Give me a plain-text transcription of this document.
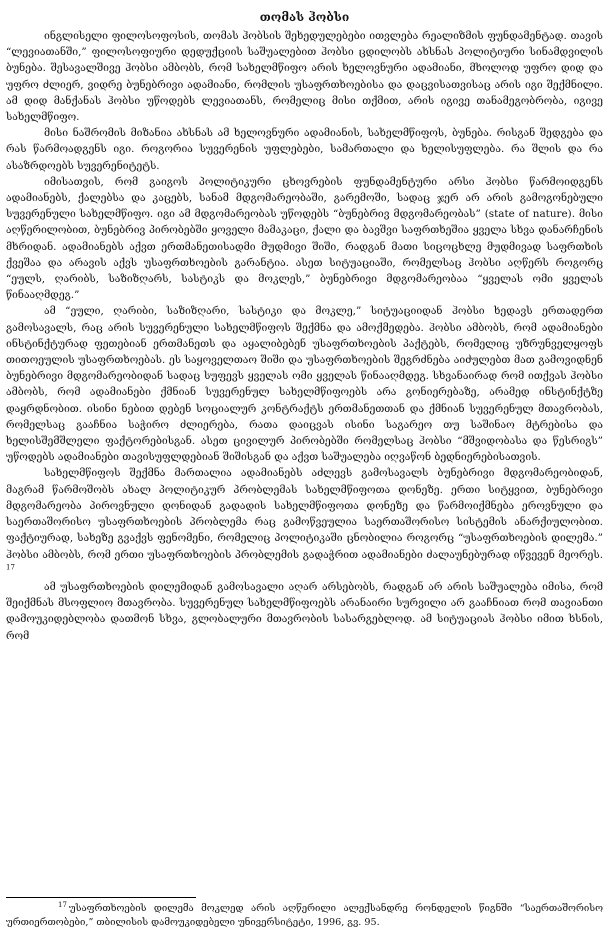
თომას ჰობსი

ინგლისელი ფილოსოფოსის, თომას ჰობსის შეხედულებები ითვლება რეალიზმის ფუნდამენტად. თავის “ლევიათანში,” ფილოსოფიური დედუქციის საშუალებით ჰობსი ცდილობს ახსნას პოლიტიური სინამდვილის ბუნება. შესავალშივე ჰობსი ამბობს, რომ სახელმწიფო არის ხელოვნური ადამიანი, მხოლოდ უფრო დიდ და უფრო ძლიერ, ვიდრე ბუნებრივი ადამიანი, რომლის უსაფრთხოებისა და დაცვისათვისაც არის იგი შექმნილი. ამ დიდ მანქანას ჰობსი უწოდებს ლევიათანს, რომელიც მისი თქმით, არის იგივე თანამეგობრობა, იგივე სახელმწიფო.

მისი ნაშრომის მიზანია ახსნას ამ ხელოვნური ადამიანის, სახელმწიფოს, ბუნება. რისგან შედგება და რას წარმოადგენს იგი. როგორია სუვერენის უფლებები, სამართალი და ხელისუფლება. რა შლის და რა ასაზრდოებს სუვერენიტეტს.

იმისათვის, რომ გაიგოს პოლიტიკური ცხოვრების ფუნდამენტური არსი ჰობსი წარმოიდგენს ადამიანებს, ქალებსა და კაცებს, სანამ მდგომარეობაში, გარემოში, სადაც ჯერ არ არის გამოგონებული სუვერენული სახელმწიფო. იგი ამ მდგომარეობას უწოდებს “ბუნებრივ მდგომარეობას” (state of nature). მისი აღწერილობით, ბუნებრივ პირობებში ყოველი მამაკაცი, ქალი და ბავშვი საფრთხეშია ყველა სხვა დანარჩენის მხრიდან. ადამიანებს აქვთ ერთმანეთისადმი მუდმივი შიში, რადგან მათი სიცოცხლე მუდმივად საფრთხის ქვეშაა და არავის აქვს უსაფრთხოების გარანტია. ასეთ სიტუაციაში, რომელსაც ჰობსი აღწერს როგორც “ეულს, ღარიბს, საზიზღარს, სასტიკს და მოკლეს,” ბუნებრივი მდგომარეობაა “ყველას ომი ყველას წინააღმდეგ.”

ამ “ეული, ღარიბი, საზიზღარი, სასტიკი და მოკლე,” სიტუაციიდან ჰობსი ხედავს ერთადერთ გამოსავალს, რაც არის სუვერენული სახელმწიფოს შექმნა და ამოქმედება. ჰობსი ამბობს, რომ ადამიანები ინსტინქტურად ფეთებიან ერთმანეთს და აყალიბებენ უსაფრთხოების პაქტებს, რომელიც უზრუნველყოფს თითოეულის უსაფრთხოებას. ეს საყოველთაო შიში და უსაფრთხოების შეგრძნება აიძულებთ მათ გამოვიდნენ ბუნებრივი მდგომარეობიდან სადაც სუფევს ყველას ომი ყველას წინააღმდეგ. სხვანაირად რომ ითქვას ჰობსი ამბობს, რომ ადამიანები ქმნიან სუვერენულ სახელმწიფოებს არა გონიერებაზე, არამედ ინსტინქტზე დაყრდნობით. ისინი ნებით დებენ სოციალურ კონტრაქტს ერთმანეთთან და ქმნიან სუვერენულ მთავრობას, რომელსაც გააჩნია საჭირო ძლიერება, რათა დაიცვას ისინი საგარეო თუ საშინაო მტრებისა და ხელისშემშლელი ფაქტორებისგან. ასეთ ცივილურ პირობებში რომელსაც ჰობსი “მშვიდობასა და წესრიგს” უწოდებს ადამიანები თავისუფლდებიან შიშისგან და აქვთ საშუალება იღვაწონ ბედნიერებისათვის.

სახელმწიფოს შექმნა მართალია ადამიანებს აძლევს გამოსავალს ბუნებრივი მდგომარეობიდან, მაგრამ წარმოშობს ახალ პოლიტიკურ პრობლემას სახელმწიფოთა დონეზე. ერთი სიტყვით, ბუნებრივი მდგომარეობა პიროვნული დონიდან გადადის სახელმწიფოთა დონეზე და წარმოიქმნება ეროვნული და საერთაშორისო უსაფრთხოების პრობლემა რაც გამოწვეულია საერთაშორისო სისტემის ანარქიულობით. ფაქტიურად, სახეზე გვაქვს ფენომენი, რომელიც პოლიტიკაში ცნობილია როგორც “უსაფრთხოების დილემა.” ჰობსი ამბობს, რომ ერთი უსაფრთხოების პრობლემის გადაჭრით ადამიანები ძალაუნებურად იწვევენ მეორეს. $^{17}$

ამ უსაფრთხოების დილემიდან გამოსავალი აღარ არსებობს, რადგან არ არის საშუალება იმისა, რომ შეიქმნას მსოფლიო მთავრობა. სუვერენულ სახელმწიფოებს არანაირი სურვილი არ გააჩნიათ რომ თავიანთი დამოუკიდებლობა დათმონ სხვა, გლობალური მთავრობის სასარგებლოდ. ამ სიტუაციას ჰობსი იმით ხსნის, რომ

$^{17}$ უსაფრთხოების დილემა მოკლედ არის აღწერილი ალექსანდრე რონდელის წიგნში “საერთაშორისო ურთიერთობები,” თბილისის დამოუკიდებელი უნივერსიტეტი, 1996, გვ. 95.
